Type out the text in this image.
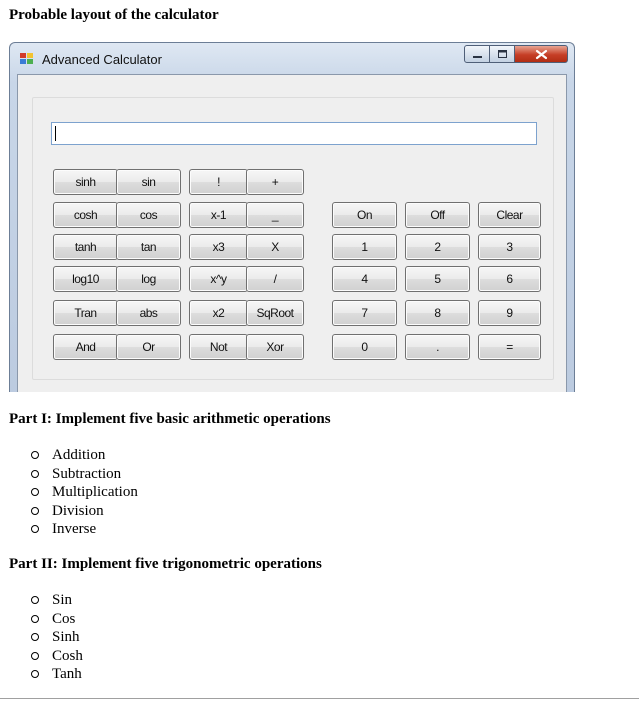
Probable layout of the calculator
Advanced Calculator
sinh	sin	!	+
cosh	cos	x-1	_	On	Off	Clear
tanh	tan	x3	X	1	2	3
log10	log	x^y	/	4	5	6
Tran	abs	x2	SqRoot	7	8	9
And	Or	Not	Xor	0	.	=
Part I: Implement five basic arithmetic operations
Addition
Subtraction
Multiplication
Division
Inverse
Part II: Implement five trigonometric operations
Sin
Cos
Sinh
Cosh
Tanh
